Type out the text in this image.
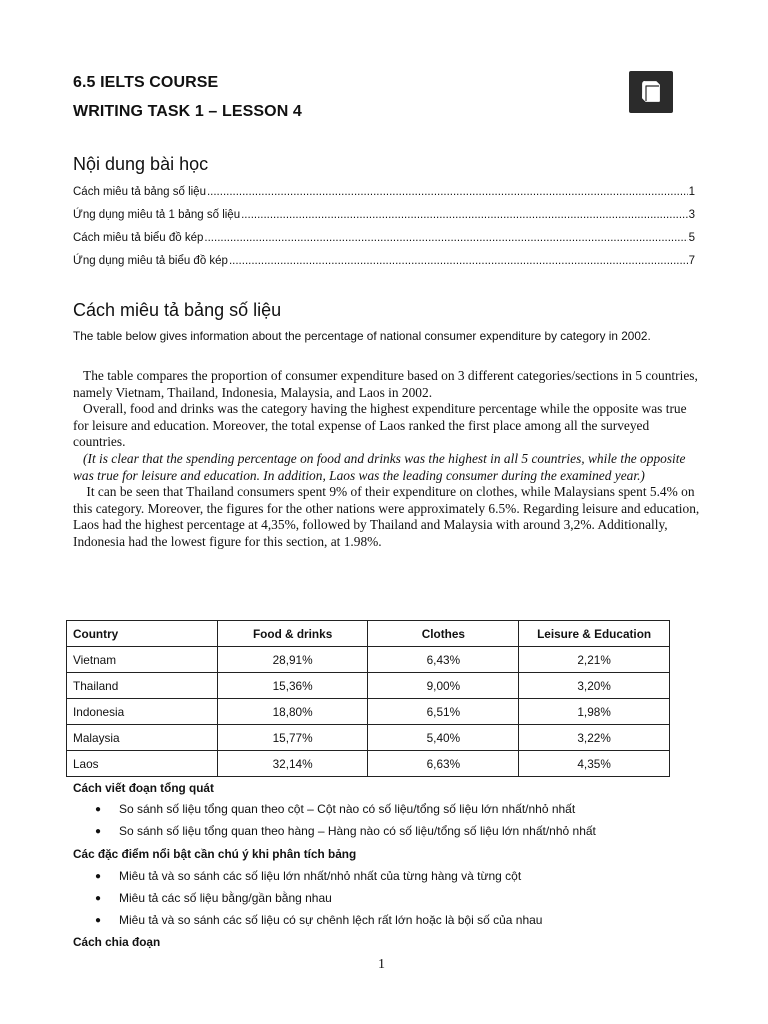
6.5 IELTS COURSE
WRITING TASK 1 – LESSON 4
Nội dung bài học
Cách miêu tả bảng số liệu .....	1
Ứng dụng miêu tả 1 bảng số liệu .....	3
Cách miêu tả biểu đồ kép .....	5
Ứng dụng miêu tả biểu đồ kép .....	7
Cách miêu tả bảng số liệu
The table below gives information about the percentage of national consumer expenditure by category in 2002.

The table compares the proportion of consumer expenditure based on 3 different categories/sections in 5 countries, namely Vietnam, Thailand, Indonesia, Malaysia, and Laos in 2002.

Overall, food and drinks was the category having the highest expenditure percentage while the opposite was true for leisure and education. Moreover, the total expense of Laos ranked the first place among all the surveyed countries.

(It is clear that the spending percentage on food and drinks was the highest in all 5 countries, while the opposite was true for leisure and education. In addition, Laos was the leading consumer during the examined year.)

It can be seen that Thailand consumers spent 9% of their expenditure on clothes, while Malaysians spent 5.4% on this category. Moreover, the figures for the other nations were approximately 6.5%. Regarding leisure and education, Laos had the highest percentage at 4,35%, followed by Thailand and Malaysia with around 3,2%. Additionally, Indonesia had the lowest figure for this section, at 1.98%.

Country	Food & drinks	Clothes	Leisure & Education
Vietnam	28,91%	6,43%	2,21%
Thailand	15,36%	9,00%	3,20%
Indonesia	18,80%	6,51%	1,98%
Malaysia	15,77%	5,40%	3,22%
Laos	32,14%	6,63%	4,35%
Cách viết đoạn tổng quát
●	So sánh số liệu tổng quan theo cột – Cột nào có số liệu/tổng số liệu lớn nhất/nhỏ nhất
●	So sánh số liệu tổng quan theo hàng – Hàng nào có số liệu/tổng số liệu lớn nhất/nhỏ nhất
Các đặc điểm nổi bật cần chú ý khi phân tích bảng
●	Miêu tả và so sánh các số liệu lớn nhất/nhỏ nhất của từng hàng và từng cột
●	Miêu tả các số liệu bằng/gần bằng nhau
●	Miêu tả và so sánh các số liệu có sự chênh lệch rất lớn hoặc là bội số của nhau
Cách chia đoạn
1
